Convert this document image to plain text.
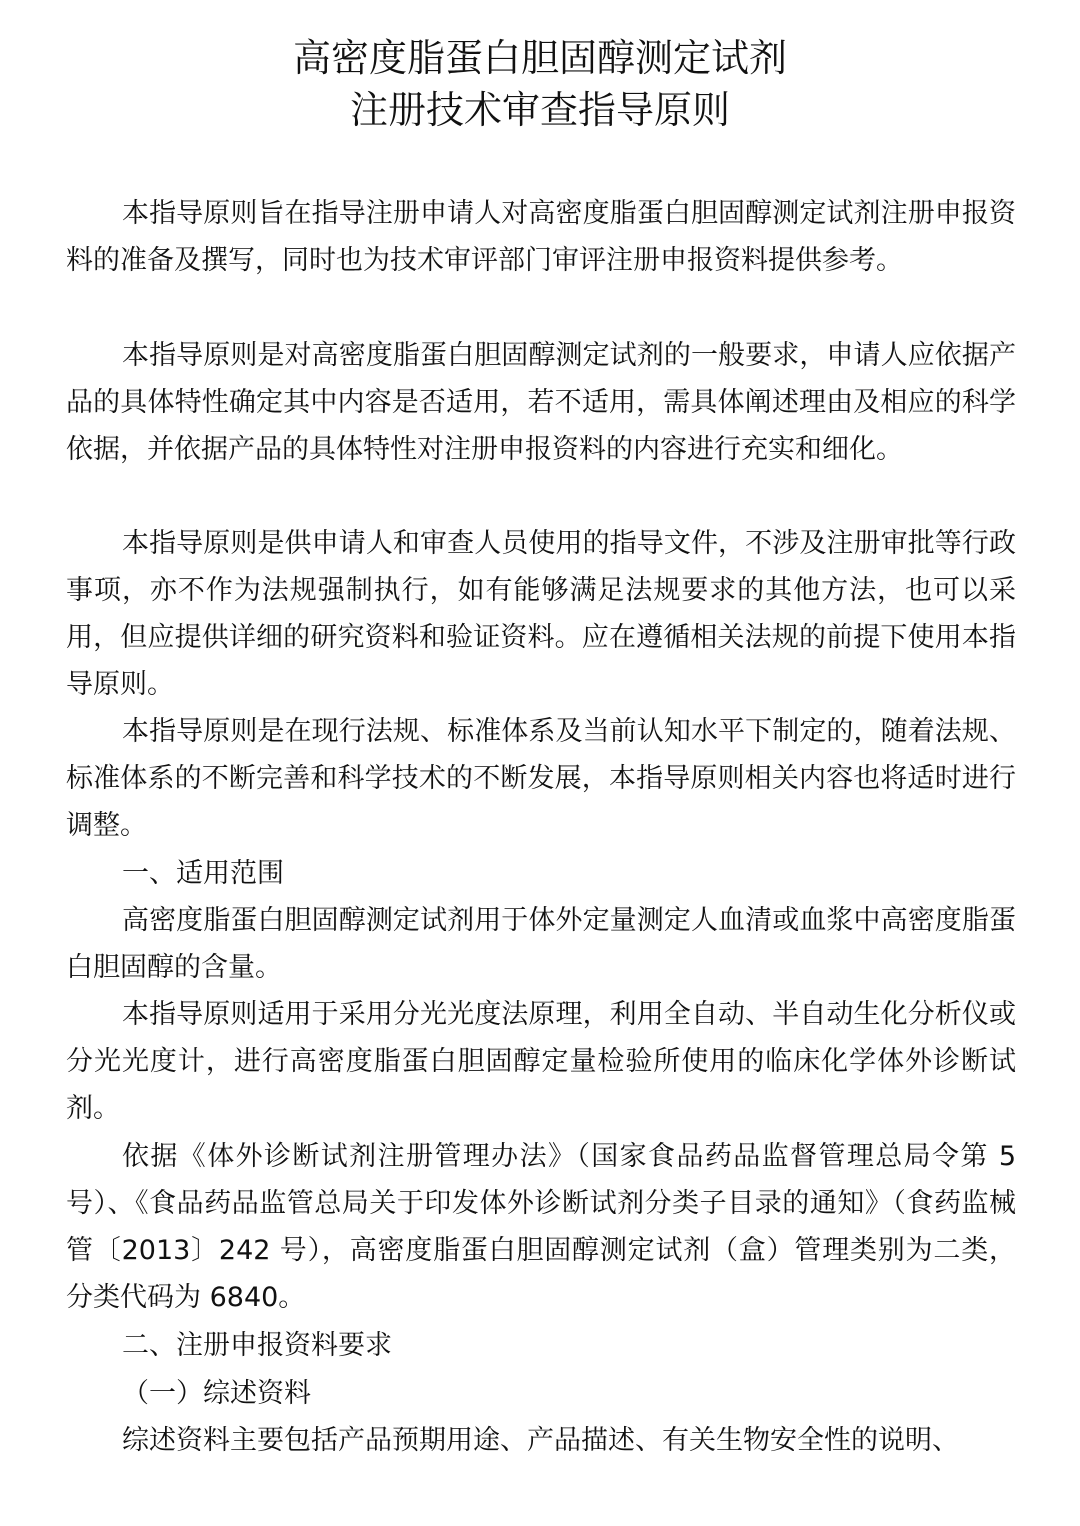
高密度脂蛋白胆固醇测定试剂
注册技术审查指导原则

本指导原则旨在指导注册申请人对高密度脂蛋白胆固醇测定试剂注册申报资料的准备及撰写，同时也为技术审评部门审评注册申报资料提供参考。

本指导原则是对高密度脂蛋白胆固醇测定试剂的一般要求，申请人应依据产品的具体特性确定其中内容是否适用，若不适用，需具体阐述理由及相应的科学依据，并依据产品的具体特性对注册申报资料的内容进行充实和细化。

本指导原则是供申请人和审查人员使用的指导文件，不涉及注册审批等行政事项，亦不作为法规强制执行，如有能够满足法规要求的其他方法，也可以采用，但应提供详细的研究资料和验证资料。应在遵循相关法规的前提下使用本指导原则。

本指导原则是在现行法规、标准体系及当前认知水平下制定的，随着法规、标准体系的不断完善和科学技术的不断发展，本指导原则相关内容也将适时进行调整。

一、适用范围

高密度脂蛋白胆固醇测定试剂用于体外定量测定人血清或血浆中高密度脂蛋白胆固醇的含量。

本指导原则适用于采用分光光度法原理，利用全自动、半自动生化分析仪或分光光度计，进行高密度脂蛋白胆固醇定量检验所使用的临床化学体外诊断试剂。

依据《体外诊断试剂注册管理办法》（国家食品药品监督管理总局令第 5 号）、《食品药品监管总局关于印发体外诊断试剂分类子目录的通知》（食药监械管〔2013〕242 号），高密度脂蛋白胆固醇测定试剂（盒）管理类别为二类，分类代码为 6840。

二、注册申报资料要求
（一）综述资料

综述资料主要包括产品预期用途、产品描述、有关生物安全性的说明、
